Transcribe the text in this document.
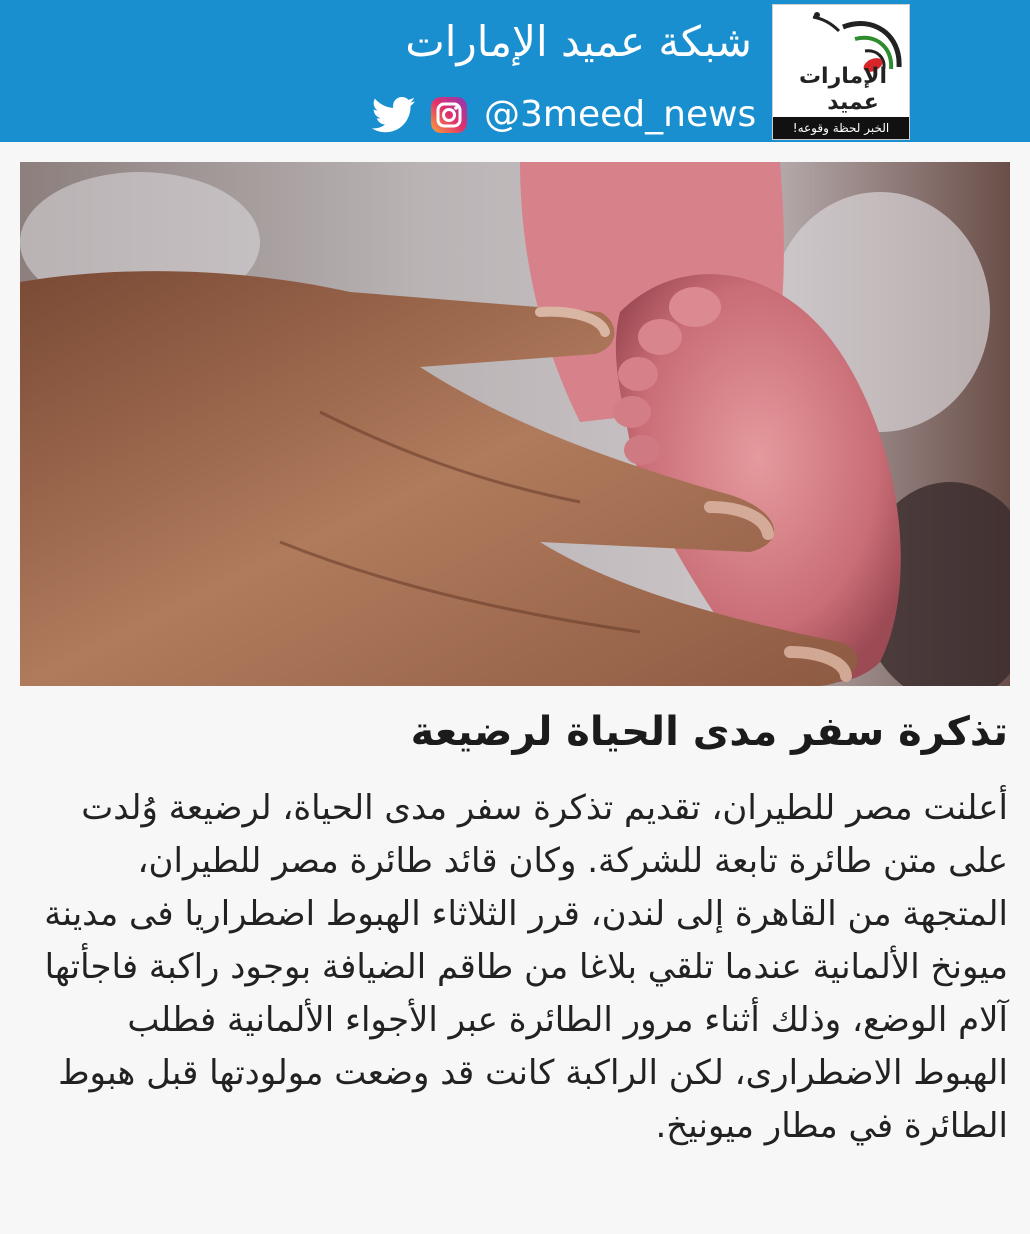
الإمارات
عميد
الخبر لحظة وقوعه!
شبكة عميد الإمارات
@3meed_news
تذكرة سفر مدى الحياة لرضيعة

أعلنت مصر للطيران، تقديم تذكرة سفر مدى الحياة، لرضيعة وُلدت على متن طائرة تابعة للشركة. وكان قائد طائرة مصر للطيران، المتجهة من القاهرة إلى لندن، قرر الثلاثاء الهبوط اضطراريا فى مدينة ميونخ الألمانية عندما تلقي بلاغا من طاقم الضيافة بوجود راكبة فاجأتها آلام الوضع، وذلك أثناء مرور الطائرة عبر الأجواء الألمانية فطلب الهبوط الاضطرارى، لكن الراكبة كانت قد وضعت مولودتها قبل هبوط الطائرة في مطار ميونيخ.
